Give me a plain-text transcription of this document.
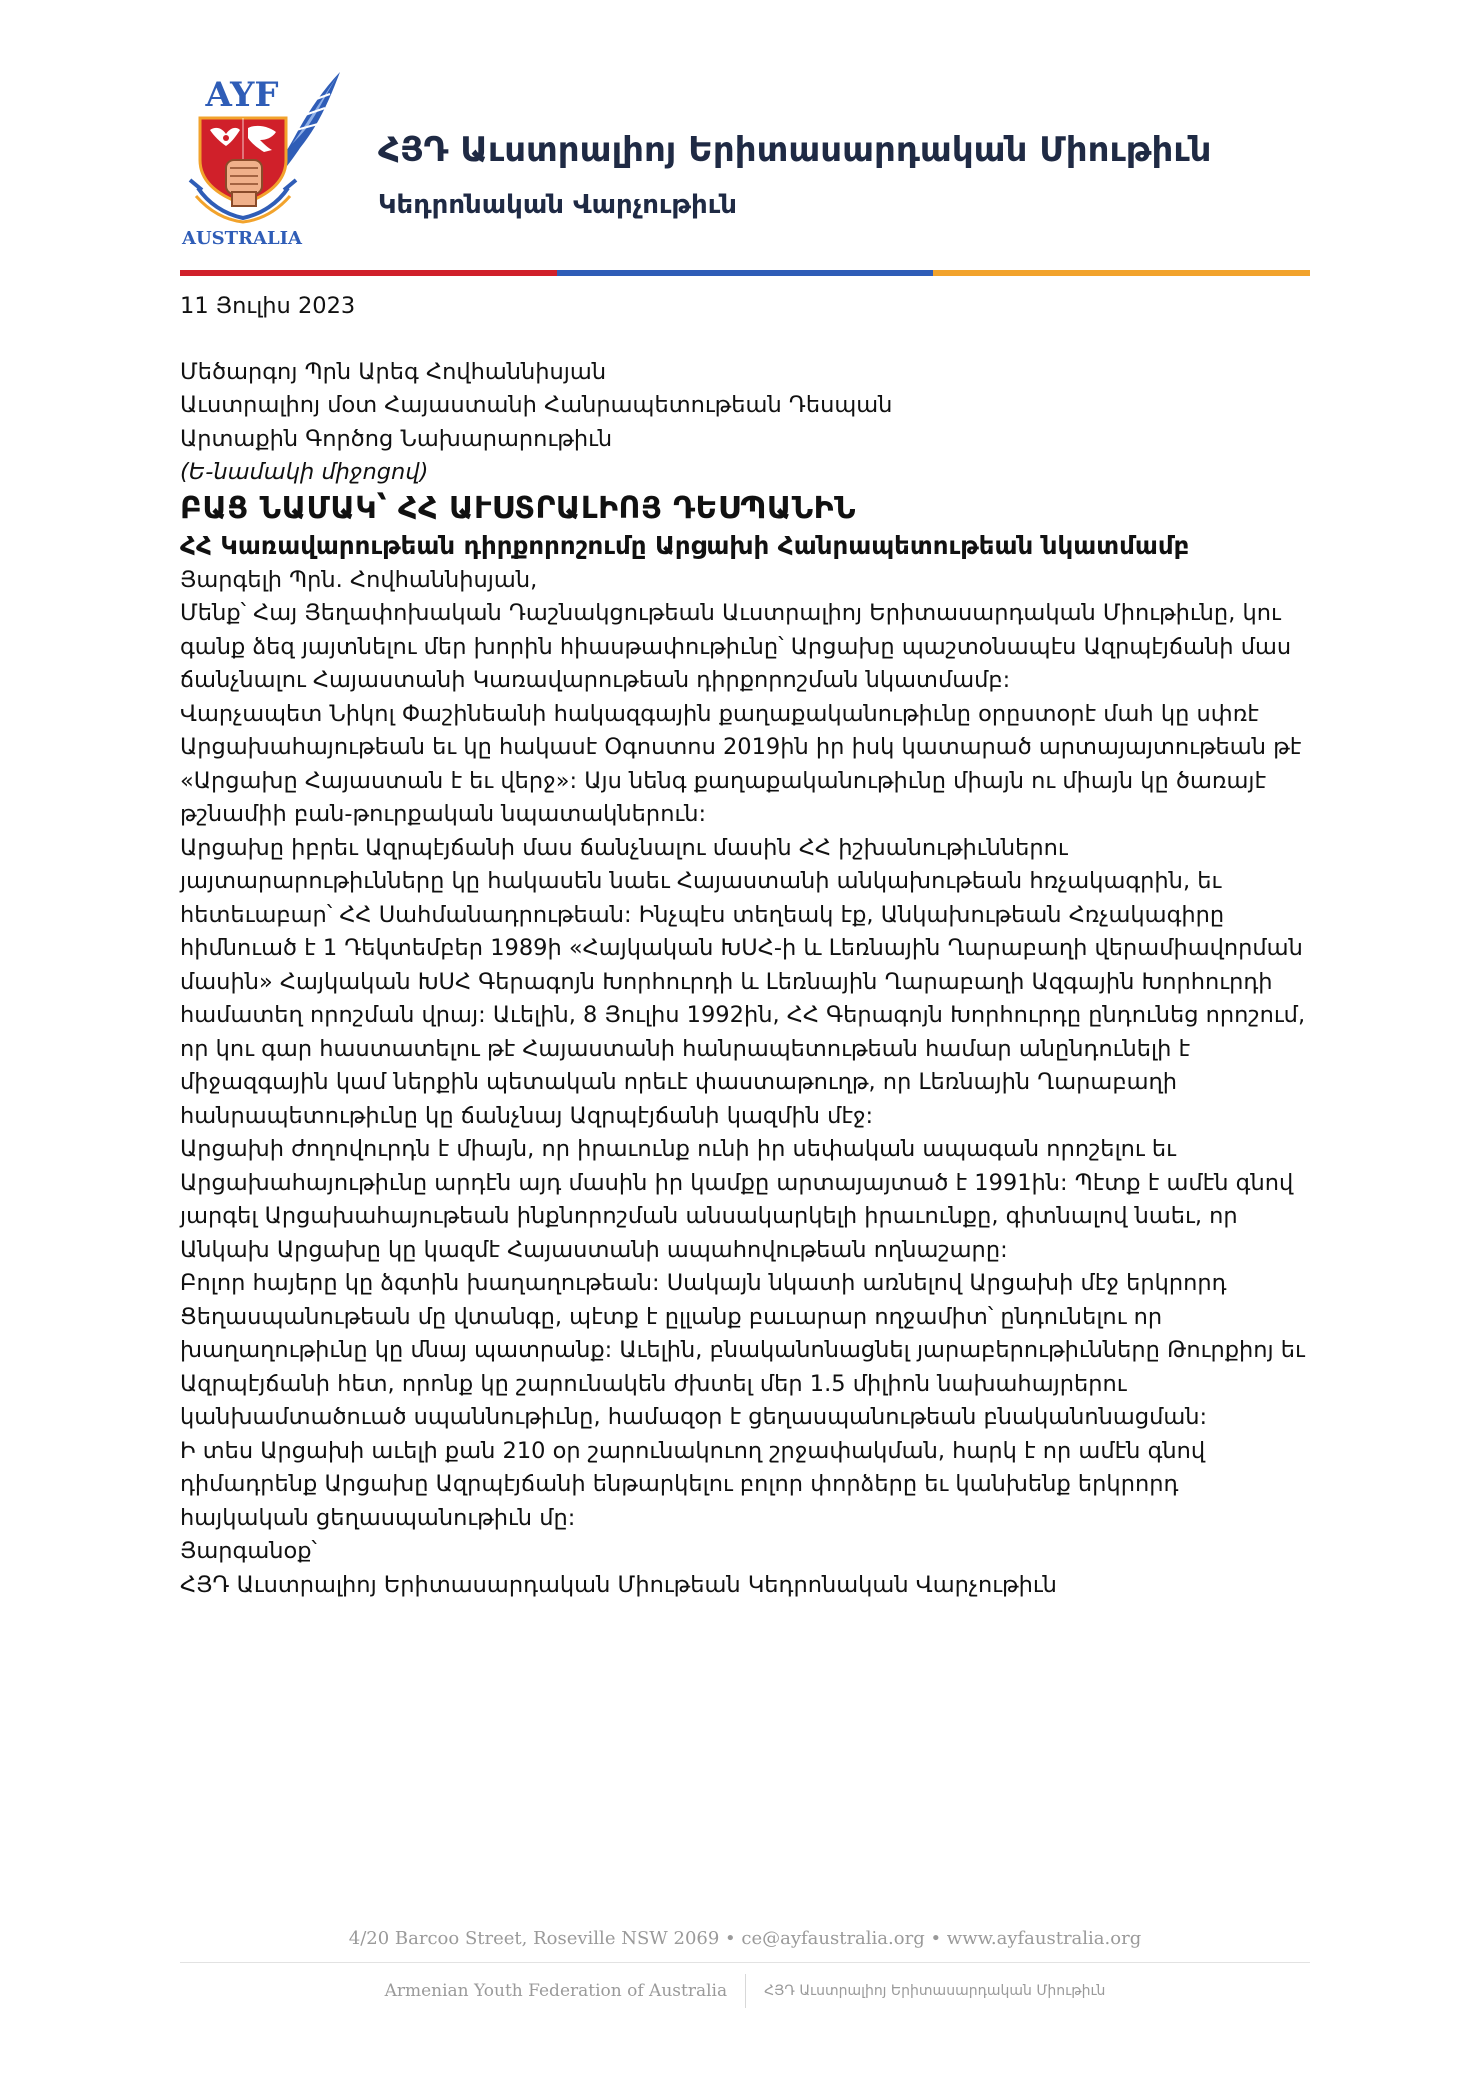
AYF
AUSTRALIA
ՀՅԴ Աւստրալիոյ Երիտասարդական Միութիւն
Կեդրոնական Վարչութիւն

11 Յուլիս 2023

Մեծարգոյ Պրն Արեգ Հովհաննիսյան

Աւստրալիոյ մօտ Հայաստանի Հանրապետութեան Դեսպան

Արտաքին Գործոց Նախարարութիւն

(Ե-նամակի միջոցով)

ԲԱՑ ՆԱՄԱԿ՝ ՀՀ ԱՒՍՏՐԱԼԻՈՅ ԴԵՍՊԱՆԻՆ

ՀՀ Կառավարութեան դիրքորոշումը Արցախի Հանրապետութեան նկատմամբ

Յարգելի Պրն. Հովհաննիսյան,

Մենք՝ Հայ Յեղափոխական Դաշնակցութեան Աւստրալիոյ Երիտասարդական Միութիւնը, կու գանք ձեզ յայտնելու մեր խորին հիասթափութիւնը՝ Արցախը պաշտօնապէս Ազրպէյճանի մաս ճանչնալու Հայաստանի Կառավարութեան դիրքորոշման նկատմամբ:

Վարչապետ Նիկոլ Փաշինեանի հակազգային քաղաքականութիւնը օրըստօրէ մահ կը սփռէ Արցախահայութեան եւ կը հակասէ Օգոստոս 2019ին իր իսկ կատարած արտայայտութեան թէ «Արցախը Հայաստան է եւ վերջ»: Այս նենգ քաղաքականութիւնը միայն ու միայն կը ծառայէ թշնամիի բան-թուրքական նպատակներուն:

Արցախը իբրեւ Ազրպէյճանի մաս ճանչնալու մասին ՀՀ իշխանութիւններու յայտարարութիւնները կը հակասեն նաեւ Հայաստանի անկախութեան հռչակագրին, եւ հետեւաբար՝ ՀՀ Սահմանադրութեան: Ինչպէս տեղեակ էք, Անկախութեան Հռչակագիրը հիմնուած է 1 Դեկտեմբեր 1989ի «Հայկական ԽՍՀ-ի և Լեռնային Ղարաբաղի վերամիավորման մասին» Հայկական ԽՍՀ Գերագոյն Խորհուրդի և Լեռնային Ղարաբաղի Ազգային Խորհուրդի համատեղ որոշման վրայ: Աւելին, 8 Յուլիս 1992ին, ՀՀ Գերագոյն Խորհուրդը ընդունեց որոշում, որ կու գար հաստատելու թէ Հայաստանի հանրապետութեան համար անընդունելի է միջազգային կամ ներքին պետական որեւէ փաստաթուղթ, որ Լեռնային Ղարաբաղի հանրապետութիւնը կը ճանչնայ Ազրպէյճանի կազմին մէջ:

Արցախի ժողովուրդն է միայն, որ իրաւունք ունի իր սեփական ապագան որոշելու եւ Արցախահայութիւնը արդէն այդ մասին իր կամքը արտայայտած է 1991ին: Պէտք է ամէն գնով յարգել Արցախահայութեան ինքնորոշման անսակարկելի իրաւունքը, գիտնալով նաեւ, որ Անկախ Արցախը կը կազմէ Հայաստանի ապահովութեան ողնաշարը:

Բոլոր հայերը կը ձգտին խաղաղութեան: Սակայն նկատի առնելով Արցախի մէջ երկրորդ Ցեղասպանութեան մը վտանգը, պէտք է ըլլանք բաւարար ողջամիտ՝ ընդունելու որ խաղաղութիւնը կը մնայ պատրանք: Աւելին, բնականոնացնել յարաբերութիւնները Թուրքիոյ եւ Ազրպէյճանի հետ, որոնք կը շարունակեն ժխտել մեր 1.5 միլիոն նախահայրերու կանխամտածուած սպաննութիւնը, համազօր է ցեղասպանութեան բնականոնացման:

Ի տես Արցախի աւելի քան 210 օր շարունակուող շրջափակման, հարկ է որ ամէն գնով դիմադրենք Արցախը Ազրպէյճանի ենթարկելու բոլոր փորձերը եւ կանխենք երկրորդ հայկական ցեղասպանութիւն մը:

Յարգանօք՝

ՀՅԴ Աւստրալիոյ Երիտասարդական Միութեան Կեդրոնական Վարչութիւն

4/20 Barcoo Street, Roseville NSW 2069 • ce@ayfaustralia.org • www.ayfaustralia.org
Armenian Youth Federation of Australia	ՀՅԴ Աւստրալիոյ Երիտասարդական Միութիւն
